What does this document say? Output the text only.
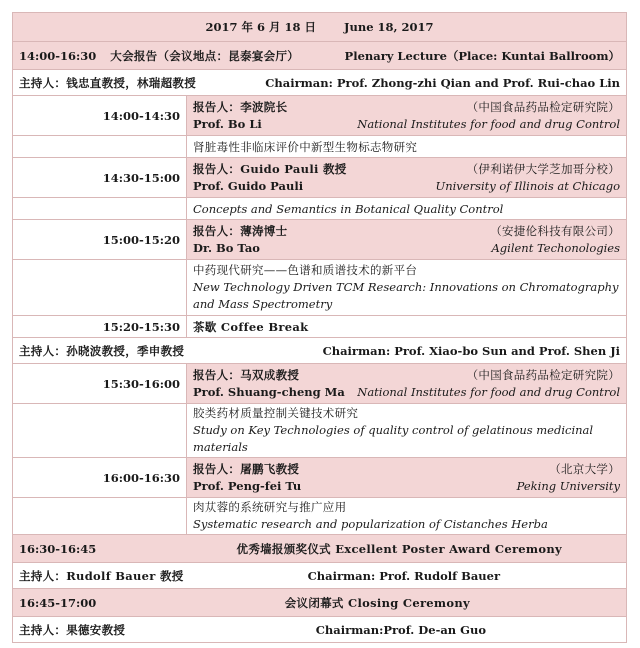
2017 年 6 月 18 日 June 18, 2017	

14:00-16:30 大会报告（会议地点：昆泰宴会厅） Plenary Lecture（Place: Kuntai Ballroom）	

主持人：钱忠直教授，林瑞超教授 Chairman: Prof. Zhong-zhi Qian and Prof. Rui-chao Lin	

14:00-14:30	报告人：李波院长 （中国食品药品检定研究院）
Prof. Bo Li National Institutes for food and drug Control

	肾脏毒性非临床评价中新型生物标志物研究
14:30-15:00	报告人：Guido Pauli 教授 （伊利诺伊大学芝加哥分校）
Prof. Guido Pauli University of Illinois at Chicago

	Concepts and Semantics in Botanical Quality Control
15:00-15:20	报告人：薄涛博士 （安捷伦科技有限公司）
Dr. Bo Tao Agilent Techonologies

	中药现代研究——色谱和质谱技术的新平台
New Technology Driven TCM Research: Innovations on Chromatography and Mass Spectrometry

15:20-15:30	茶歇 Coffee Break

主持人：孙晓波教授，季申教授 Chairman: Prof. Xiao-bo Sun and Prof. Shen Ji	

15:30-16:00	报告人：马双成教授 （中国食品药品检定研究院）
Prof. Shuang-cheng Ma National Institutes for food and drug Control

	胶类药材质量控制关键技术研究
Study on Key Technologies of quality control of gelatinous medicinal materials

16:00-16:30	报告人：屠鹏飞教授 （北京大学）
Prof. Peng-fei Tu Peking University

	肉苁蓉的系统研究与推广应用
Systematic research and popularization of Cistanches Herba

16:30-16:45 优秀墙报颁奖仪式 Excellent Poster Award Ceremony	

主持人：Rudolf Bauer 教授 Chairman: Prof. Rudolf Bauer	

16:45-17:00 会议闭幕式 Closing Ceremony	

主持人：果德安教授 Chairman:Prof. De-an Guo	
